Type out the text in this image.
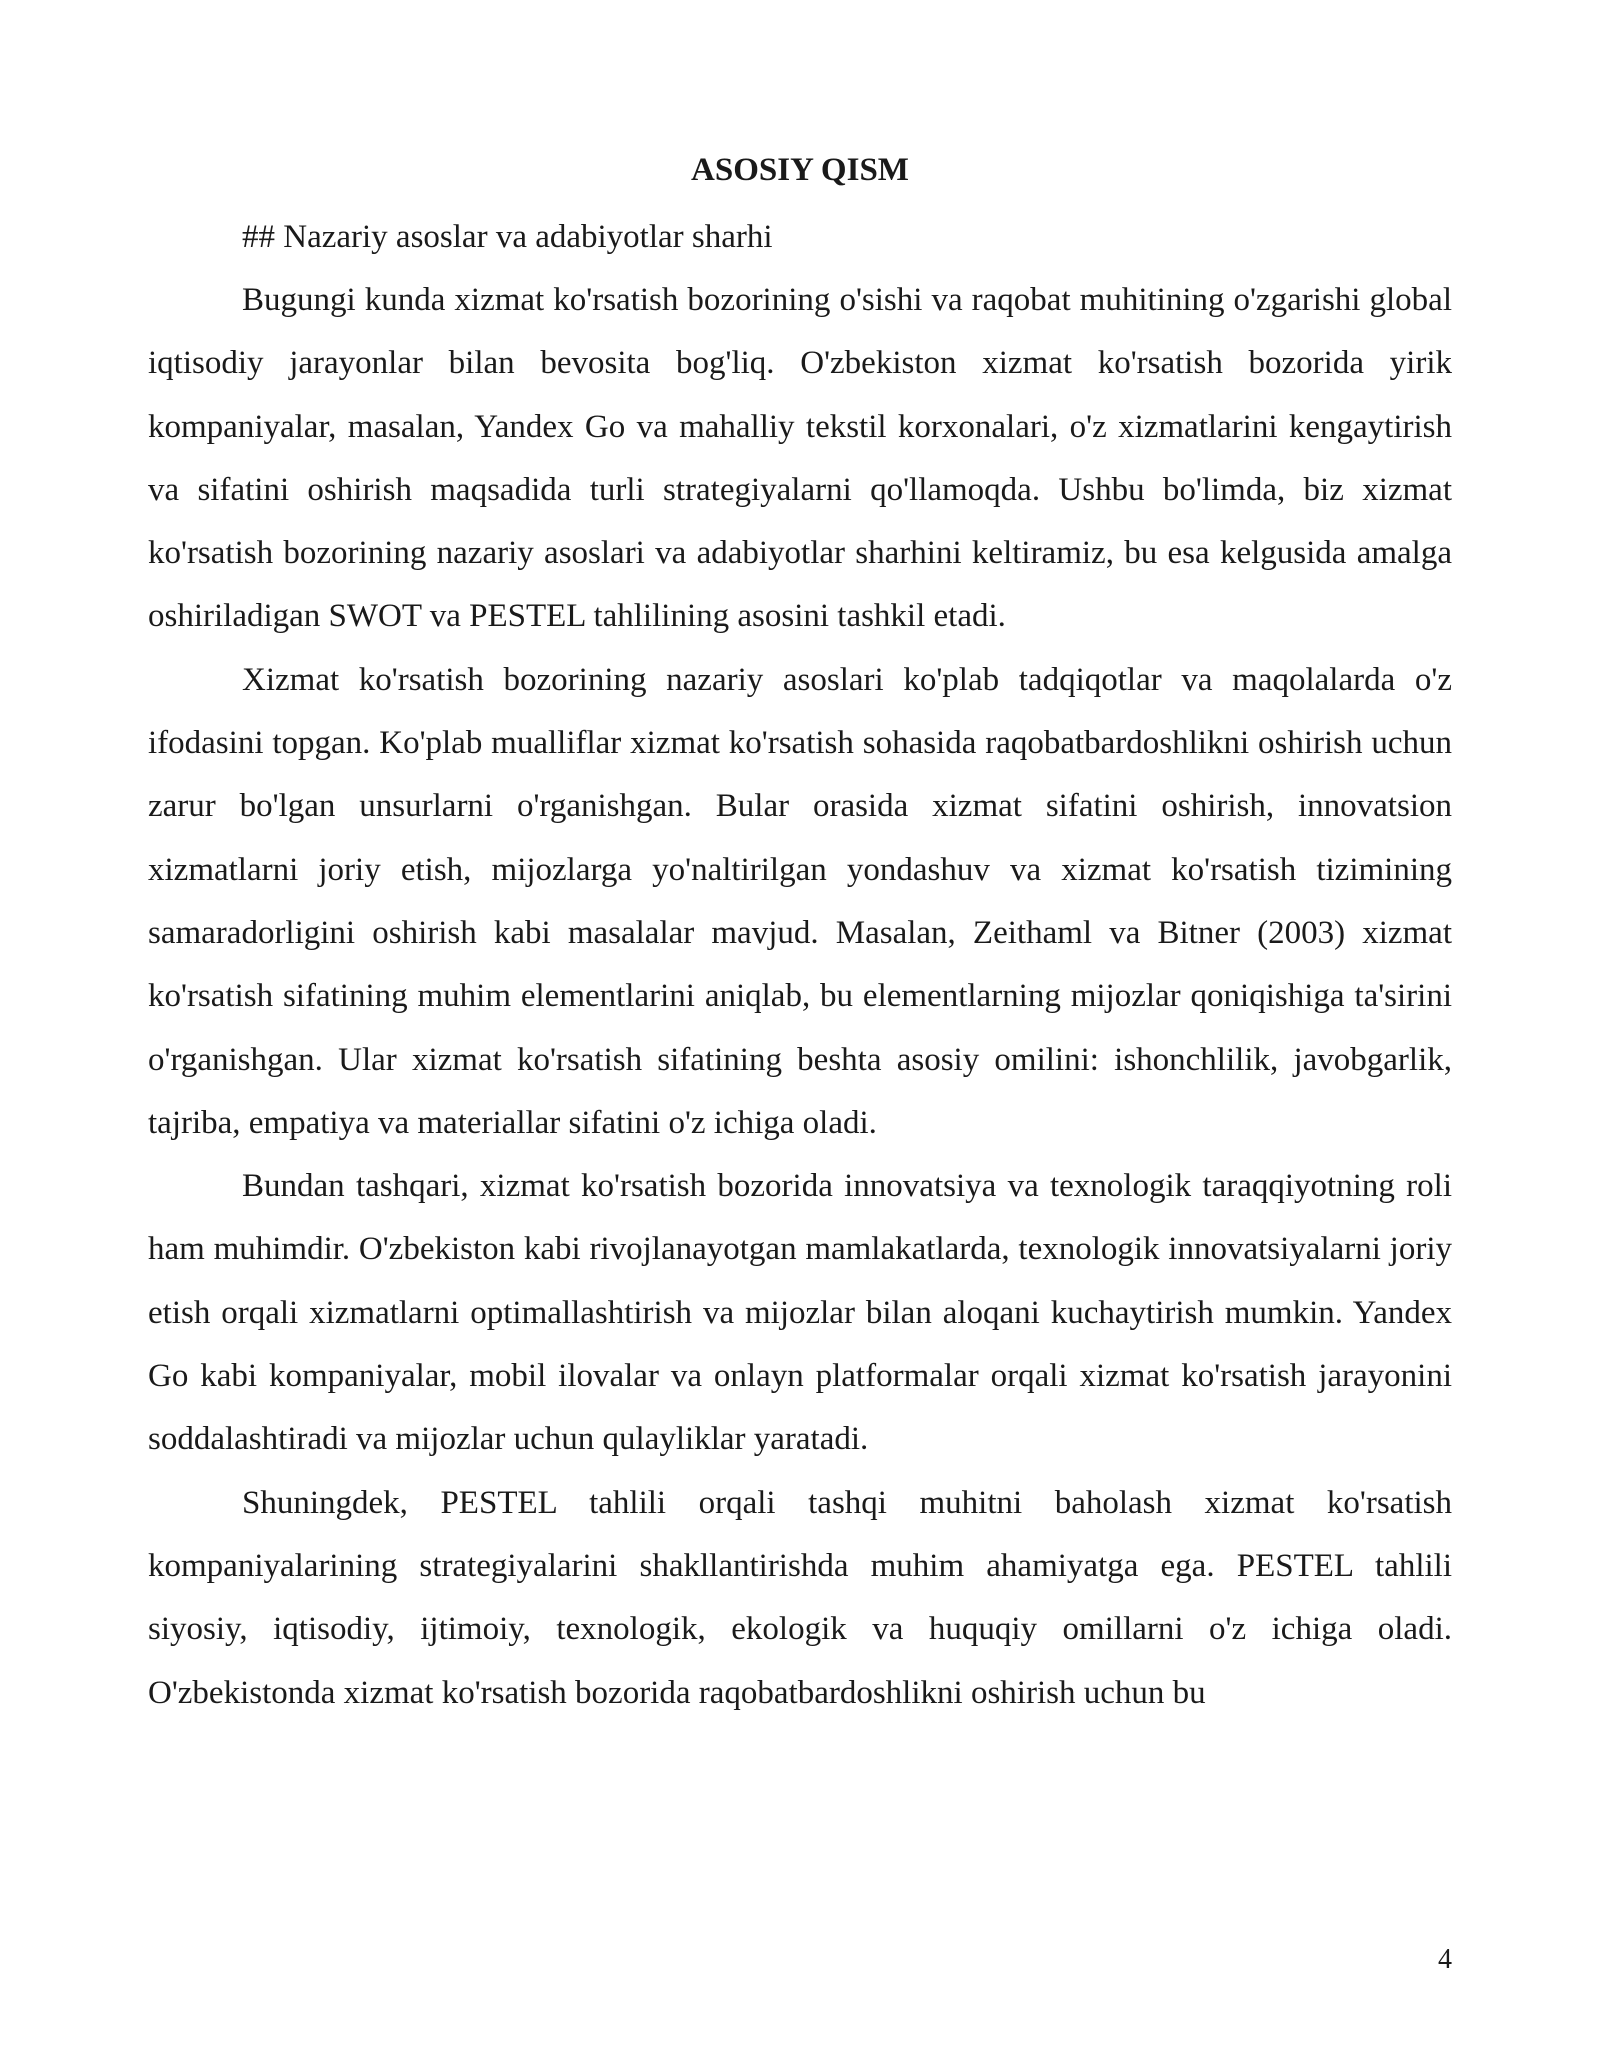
ASOSIY QISM

## Nazariy asoslar va adabiyotlar sharhi

Bugungi kunda xizmat ko'rsatish bozorining o'sishi va raqobat muhitining o'zgarishi global iqtisodiy jarayonlar bilan bevosita bog'liq. O'zbekiston xizmat ko'rsatish bozorida yirik kompaniyalar, masalan, Yandex Go va mahalliy tekstil korxonalari, o'z xizmatlarini kengaytirish va sifatini oshirish maqsadida turli strategiyalarni qo'llamoqda. Ushbu bo'limda, biz xizmat ko'rsatish bozorining nazariy asoslari va adabiyotlar sharhini keltiramiz, bu esa kelgusida amalga oshiriladigan SWOT va PESTEL tahlilining asosini tashkil etadi.

Xizmat ko'rsatish bozorining nazariy asoslari ko'plab tadqiqotlar va maqolalarda o'z ifodasini topgan. Ko'plab mualliflar xizmat ko'rsatish sohasida raqobatbardoshlikni oshirish uchun zarur bo'lgan unsurlarni o'rganishgan. Bular orasida xizmat sifatini oshirish, innovatsion xizmatlarni joriy etish, mijozlarga yo'naltirilgan yondashuv va xizmat ko'rsatish tizimining samaradorligini oshirish kabi masalalar mavjud. Masalan, Zeithaml va Bitner (2003) xizmat ko'rsatish sifatining muhim elementlarini aniqlab, bu elementlarning mijozlar qoniqishiga ta'sirini o'rganishgan. Ular xizmat ko'rsatish sifatining beshta asosiy omilini: ishonchlilik, javobgarlik, tajriba, empatiya va materiallar sifatini o'z ichiga oladi.

Bundan tashqari, xizmat ko'rsatish bozorida innovatsiya va texnologik taraqqiyotning roli ham muhimdir. O'zbekiston kabi rivojlanayotgan mamlakatlarda, texnologik innovatsiyalarni joriy etish orqali xizmatlarni optimallashtirish va mijozlar bilan aloqani kuchaytirish mumkin. Yandex Go kabi kompaniyalar, mobil ilovalar va onlayn platformalar orqali xizmat ko'rsatish jarayonini soddalashtiradi va mijozlar uchun qulayliklar yaratadi.

Shuningdek, PESTEL tahlili orqali tashqi muhitni baholash xizmat ko'rsatish kompaniyalarining strategiyalarini shakllantirishda muhim ahamiyatga ega. PESTEL tahlili siyosiy, iqtisodiy, ijtimoiy, texnologik, ekologik va huquqiy omillarni o'z ichiga oladi. O'zbekistonda xizmat ko'rsatish bozorida raqobatbardoshlikni oshirish uchun bu

4
